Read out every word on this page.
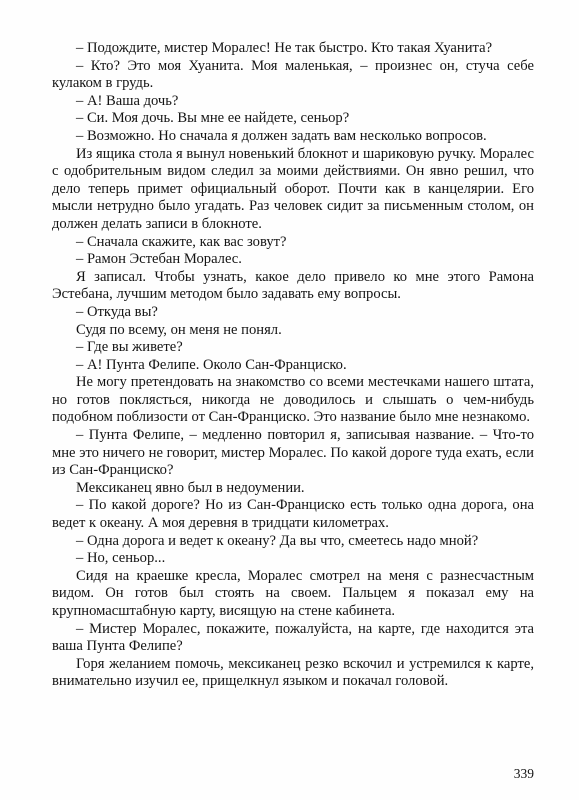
– Подождите, мистер Моралес! Не так быстро. Кто такая Хуанита?

– Кто? Это моя Хуанита. Моя маленькая, – произнес он, стуча себе кулаком в грудь.

– А! Ваша дочь?

– Си. Моя дочь. Вы мне ее найдете, сеньор?

– Возможно. Но сначала я должен задать вам несколько вопросов.

Из ящика стола я вынул новенький блокнот и шариковую ручку. Моралес с одобрительным видом следил за моими действиями. Он явно решил, что дело теперь примет официальный оборот. Почти как в канцелярии. Его мысли нетрудно было угадать. Раз человек сидит за письменным столом, он должен делать записи в блокноте.

– Сначала скажите, как вас зовут?

– Рамон Эстебан Моралес.

Я записал. Чтобы узнать, какое дело привело ко мне этого Рамона Эстебана, лучшим методом было задавать ему вопросы.

– Откуда вы?

Судя по всему, он меня не понял.

– Где вы живете?

– А! Пунта Фелипе. Около Сан-Франциско.

Не могу претендовать на знакомство со всеми местечками нашего штата, но готов поклясться, никогда не доводилось и слышать о чем-нибудь подобном поблизости от Сан-Франциско. Это название было мне незнакомо.

– Пунта Фелипе, – медленно повторил я, записывая название. – Что-то мне это ничего не говорит, мистер Моралес. По какой дороге туда ехать, если из Сан-Франциско?

Мексиканец явно был в недоумении.

– По какой дороге? Но из Сан-Франциско есть только одна дорога, она ведет к океану. А моя деревня в тридцати километрах.

– Одна дорога и ведет к океану? Да вы что, смеетесь надо мной?

– Но, сеньор...

Сидя на краешке кресла, Моралес смотрел на меня с разнесчастным видом. Он готов был стоять на своем. Пальцем я показал ему на крупномасштабную карту, висящую на стене кабинета.

– Мистер Моралес, покажите, пожалуйста, на карте, где находится эта ваша Пунта Фелипе?

Горя желанием помочь, мексиканец резко вскочил и устремился к карте, внимательно изучил ее, прищелкнул языком и покачал головой.

339
